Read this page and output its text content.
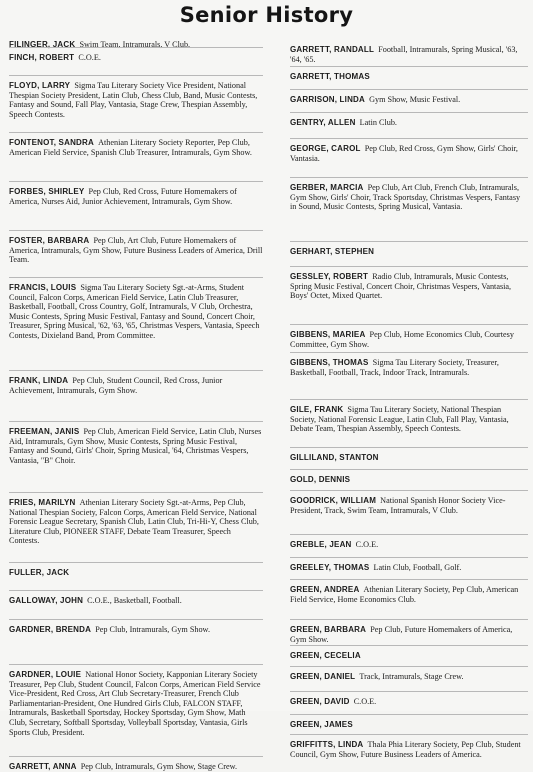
Senior History
FILINGER, JACK Swim Team, Intramurals, V Club.
FINCH, ROBERT C.O.E.
FLOYD, LARRY Sigma Tau Literary Society Vice President, National Thespian Society President, Latin Club, Chess Club, Band, Music Contests, Fantasy and Sound, Fall Play, Vantasia, Stage Crew, Thespian Assembly, Speech Contests.
FONTENOT, SANDRA Athenian Literary Society Reporter, Pep Club, American Field Service, Spanish Club Treasurer, Intramurals, Gym Show.
FORBES, SHIRLEY Pep Club, Red Cross, Future Homemakers of America, Nurses Aid, Junior Achievement, Intramurals, Gym Show.
FOSTER, BARBARA Pep Club, Art Club, Future Homemakers of America, Intramurals, Gym Show, Future Business Leaders of America, Drill Team.
FRANCIS, LOUIS Sigma Tau Literary Society Sgt.-at-Arms, Student Council, Falcon Corps, American Field Service, Latin Club Treasurer, Basketball, Football, Cross Country, Golf, Intramurals, V Club, Orchestra, Music Contests, Spring Music Festival, Fantasy and Sound, Concert Choir, Treasurer, Spring Musical, '62, '63, '65, Christmas Vespers, Vantasia, Speech Contests, Dixieland Band, Prom Committee.
FRANK, LINDA Pep Club, Student Council, Red Cross, Junior Achievement, Intramurals, Gym Show.
FREEMAN, JANIS Pep Club, American Field Service, Latin Club, Nurses Aid, Intramurals, Gym Show, Music Contests, Spring Music Festival, Fantasy and Sound, Girls' Choir, Spring Musical, '64, Christmas Vespers, Vantasia, "B" Choir.
FRIES, MARILYN Athenian Literary Society Sgt.-at-Arms, Pep Club, National Thespian Society, Falcon Corps, American Field Service, National Forensic League Secretary, Spanish Club, Latin Club, Tri-Hi-Y, Chess Club, Literature Club, PIONEER STAFF, Debate Team Treasurer, Speech Contests.
FULLER, JACK
GALLOWAY, JOHN C.O.E., Basketball, Football.
GARDNER, BRENDA Pep Club, Intramurals, Gym Show.
GARDNER, LOUIE National Honor Society, Kapponian Literary Society Treasurer, Pep Club, Student Council, Falcon Corps, American Field Service Vice-President, Red Cross, Art Club Secretary-Treasurer, French Club Parliamentarian-President, One Hundred Girls Club, FALCON STAFF, Intramurals, Basketball Sportsday, Hockey Sportsday, Gym Show, Math Club, Secretary, Softball Sportsday, Volleyball Sportsday, Vantasia, Girls Sports Club, President.
GARRETT, ANNA Pep Club, Intramurals, Gym Show, Stage Crew.
GARRETT, RANDALL Football, Intramurals, Spring Musical, '63, '64, '65.
GARRETT, THOMAS
GARRISON, LINDA Gym Show, Music Festival.
GENTRY, ALLEN Latin Club.
GEORGE, CAROL Pep Club, Red Cross, Gym Show, Girls' Choir, Vantasia.
GERBER, MARCIA Pep Club, Art Club, French Club, Intramurals, Gym Show, Girls' Choir, Track Sportsday, Christmas Vespers, Fantasy in Sound, Music Contests, Spring Musical, Vantasia.
GERHART, STEPHEN
GESSLEY, ROBERT Radio Club, Intramurals, Music Contests, Spring Music Festival, Concert Choir, Christmas Vespers, Vantasia, Boys' Octet, Mixed Quartet.
GIBBENS, MARIEA Pep Club, Home Economics Club, Courtesy Committee, Gym Show.
GIBBENS, THOMAS Sigma Tau Literary Society, Treasurer, Basketball, Football, Track, Indoor Track, Intramurals.
GILE, FRANK Sigma Tau Literary Society, National Thespian Society, National Forensic League, Latin Club, Fall Play, Vantasia, Debate Team, Thespian Assembly, Speech Contests.
GILLILAND, STANTON
GOLD, DENNIS
GOODRICK, WILLIAM National Spanish Honor Society Vice-President, Track, Swim Team, Intramurals, V Club.
GREBLE, JEAN C.O.E.
GREELEY, THOMAS Latin Club, Football, Golf.
GREEN, ANDREA Athenian Literary Society, Pep Club, American Field Service, Home Economics Club.
GREEN, BARBARA Pep Club, Future Homemakers of America, Gym Show.
GREEN, CECELIA
GREEN, DANIEL Track, Intramurals, Stage Crew.
GREEN, DAVID C.O.E.
GREEN, JAMES
GRIFFITTS, LINDA Thala Phia Literary Society, Pep Club, Student Council, Gym Show, Future Business Leaders of America.
